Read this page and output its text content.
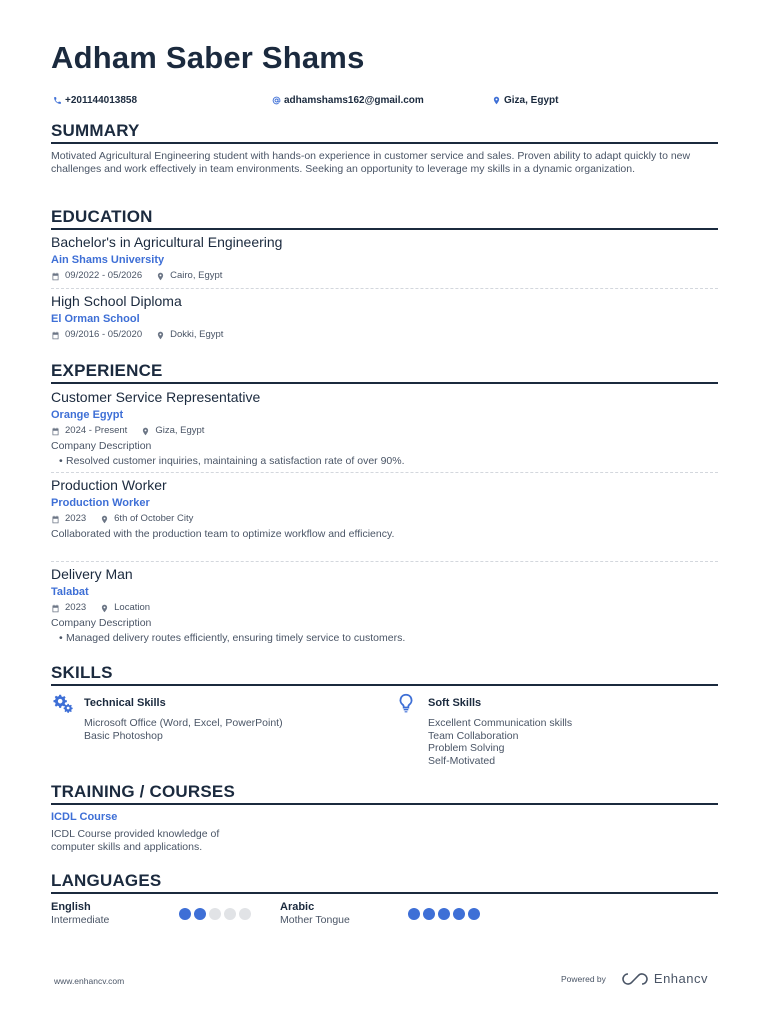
Adham Saber Shams
+201144013858	adhamshams162@gmail.com	Giza, Egypt
SUMMARY
Motivated Agricultural Engineering student with hands-on experience in customer service and sales. Proven ability to adapt quickly to new challenges and work effectively in team environments. Seeking an opportunity to leverage my skills in a dynamic organization.
EDUCATION
Bachelor's in Agricultural Engineering
Ain Shams University
09/2022 - 05/2026	Cairo, Egypt
High School Diploma
El Orman School
09/2016 - 05/2020	Dokki, Egypt
EXPERIENCE
Customer Service Representative
Orange Egypt
2024 - Present	Giza, Egypt
Company Description
• Resolved customer inquiries, maintaining a satisfaction rate of over 90%.
Production Worker
Production Worker
2023	6th of October City
Collaborated with the production team to optimize workflow and efficiency.
Delivery Man
Talabat
2023	Location
Company Description
• Managed delivery routes efficiently, ensuring timely service to customers.
SKILLS
Technical Skills
Microsoft Office (Word, Excel, PowerPoint)
Basic Photoshop
Soft Skills
Excellent Communication skills
Team Collaboration
Problem Solving
Self-Motivated
TRAINING / COURSES
ICDL Course
ICDL Course provided knowledge of
computer skills and applications.
LANGUAGES
English
Intermediate
Arabic
Mother Tongue
www.enhancv.com	Powered by	Enhancv
